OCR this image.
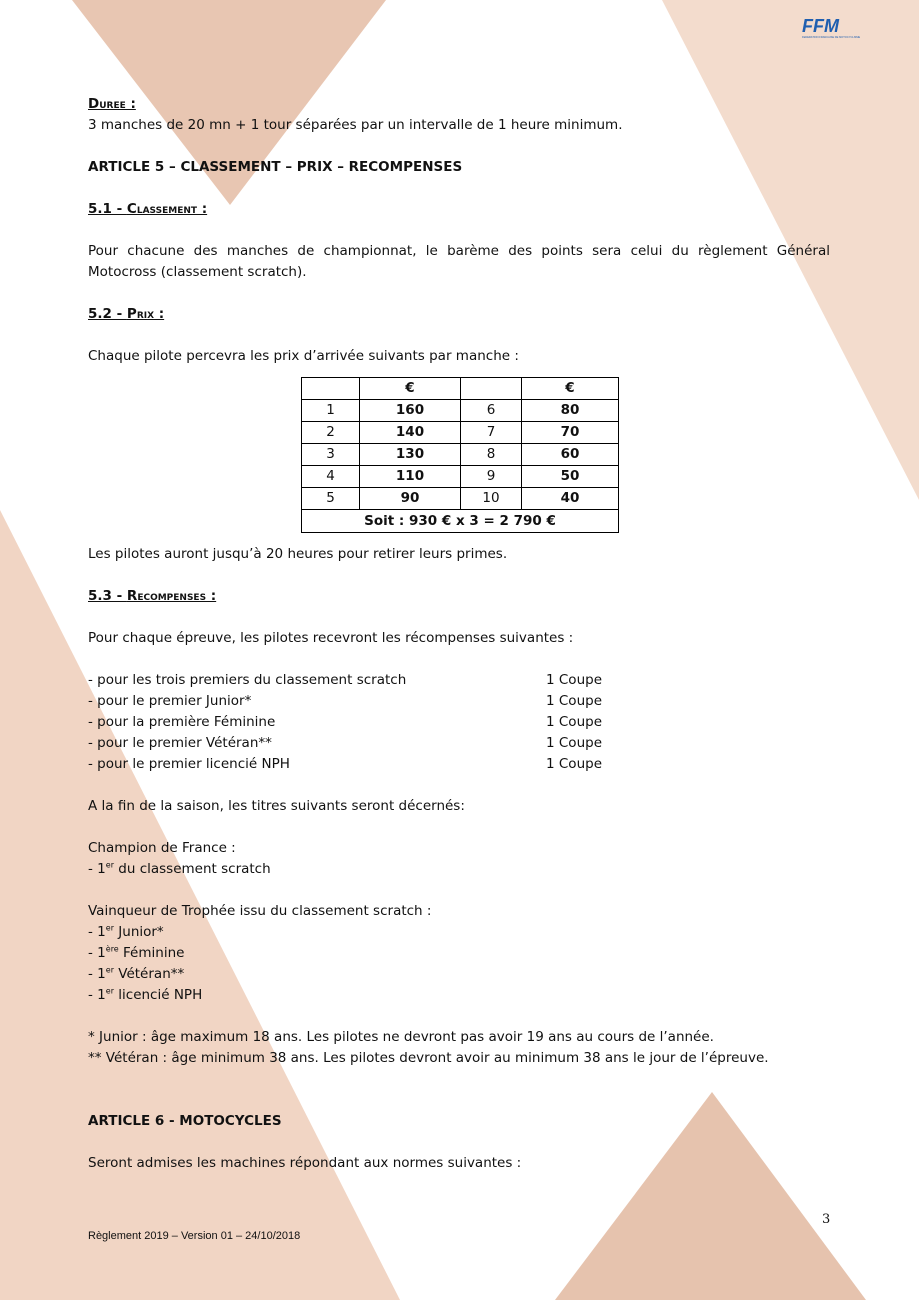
FFM
FEDERATION FRANCAISE DE MOTOCYCLISME
Duree :
3 manches de 20 mn + 1 tour séparées par un intervalle de 1 heure minimum.
ARTICLE 5 – CLASSEMENT – PRIX – RECOMPENSES
5.1 - Classement :
Pour chacune des manches de championnat, le barème des points sera celui du règlement Général Motocross (classement scratch).
5.2 - Prix :
Chaque pilote percevra les prix d’arrivée suivants par manche :
	€		€
1	160	6	80
2	140	7	70
3	130	8	60
4	110	9	50
5	90	10	40
Soit : 930 € x 3 = 2 790 €			
Les pilotes auront jusqu’à 20 heures pour retirer leurs primes.
5.3 - Recompenses :
Pour chaque épreuve, les pilotes recevront les récompenses suivantes :
- pour les trois premiers du classement scratch	1 Coupe
- pour le premier Junior*	1 Coupe
- pour la première Féminine	1 Coupe
- pour le premier Vétéran**	1 Coupe
- pour le premier licencié NPH	1 Coupe
A la fin de la saison, les titres suivants seront décernés:
Champion de France :
- 1er du classement scratch
Vainqueur de Trophée issu du classement scratch :
- 1er Junior*
- 1ère Féminine
- 1er Vétéran**
- 1er licencié NPH
* Junior : âge maximum 18 ans. Les pilotes ne devront pas avoir 19 ans au cours de l’année.
** Vétéran : âge minimum 38 ans. Les pilotes devront avoir au minimum 38 ans le jour de l’épreuve.
ARTICLE 6 - MOTOCYCLES
Seront admises les machines répondant aux normes suivantes :
3
Règlement 2019 – Version 01 – 24/10/2018
